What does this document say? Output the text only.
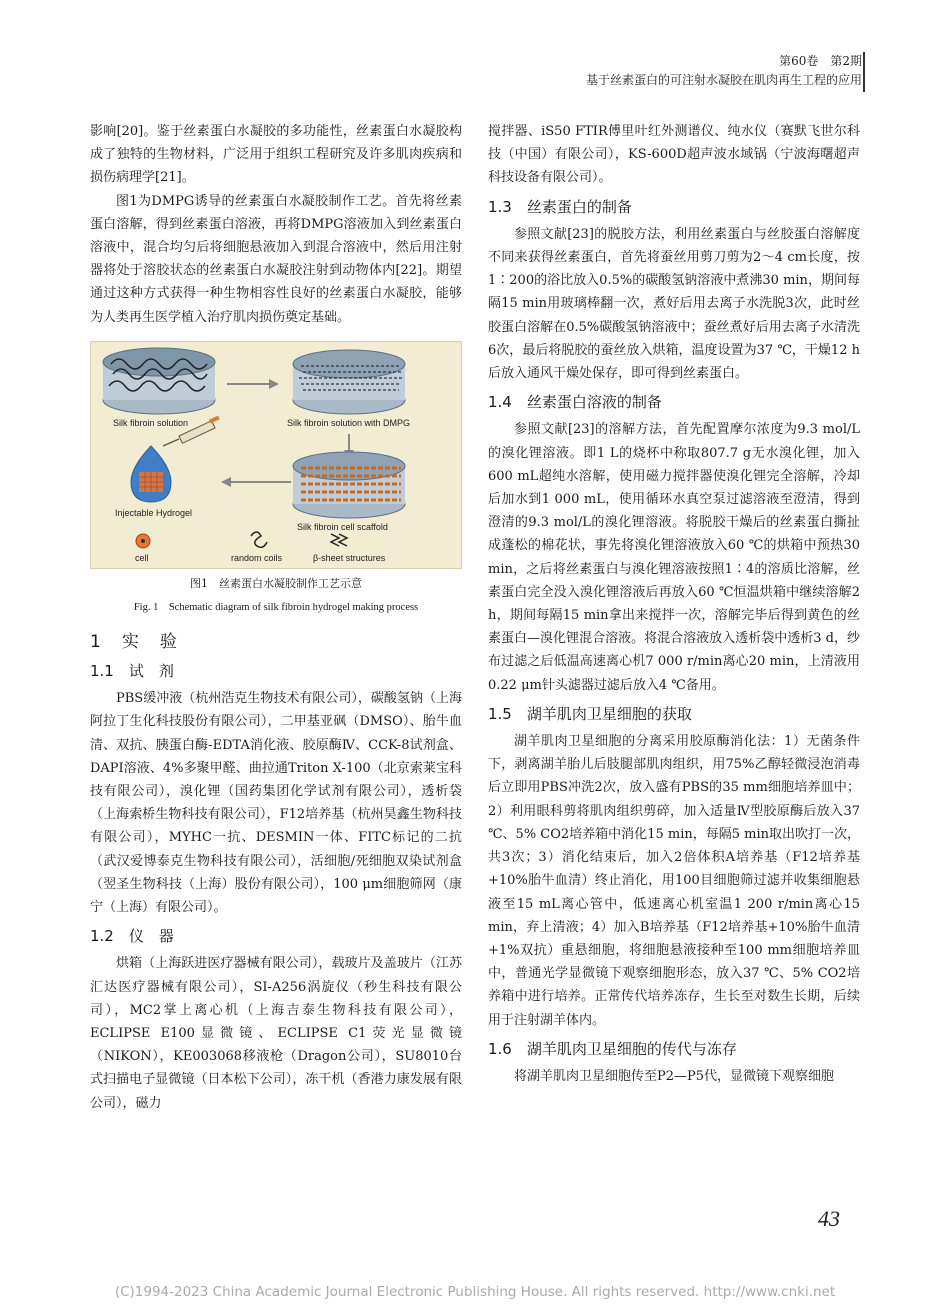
第60卷　第2期
基于丝素蛋白的可注射水凝胶在肌肉再生工程的应用

影响[20]。鉴于丝素蛋白水凝胶的多功能性，丝素蛋白水凝胶构成了独特的生物材料，广泛用于组织工程研究及许多肌肉疾病和损伤病理学[21]。

图1为DMPG诱导的丝素蛋白水凝胶制作工艺。首先将丝素蛋白溶解，得到丝素蛋白溶液，再将DMPG溶液加入到丝素蛋白溶液中，混合均匀后将细胞悬液加入到混合溶液中，然后用注射器将处于溶胶状态的丝素蛋白水凝胶注射到动物体内[22]。期望通过这种方式获得一种生物相容性良好的丝素蛋白水凝胶，能够为人类再生医学植入治疗肌肉损伤奠定基础。

Silk fibroin solution	Silk fibroin solution with DMPG
Injectable Hydrogel
Silk fibroin cell scaffold
cell	random coils	β-sheet structures
图1　丝素蛋白水凝胶制作工艺示意
Fig. 1　Schematic diagram of silk fibroin hydrogel making process
1　实　验
1.1　试　剂

PBS缓冲液（杭州浩克生物技术有限公司），碳酸氢钠（上海阿拉丁生化科技股份有限公司），二甲基亚砜（DMSO）、胎牛血清、双抗、胰蛋白酶-EDTA消化液、胶原酶Ⅳ、CCK-8试剂盒、DAPI溶液、4%多聚甲醛、曲拉通Triton X-100（北京索莱宝科技有限公司），溴化锂（国药集团化学试剂有限公司），透析袋（上海索桥生物科技有限公司），F12培养基（杭州昊鑫生物科技有限公司），MYHC一抗、DESMIN一体、FITC标记的二抗（武汉爱博泰克生物科技有限公司），活细胞/死细胞双染试剂盒（翌圣生物科技（上海）股份有限公司），100 μm细胞筛网（康宁（上海）有限公司）。

1.2　仪　器

烘箱（上海跃进医疗器械有限公司），载玻片及盖玻片（江苏汇达医疗器械有限公司），SI-A256涡旋仪（秒生科技有限公司），MC2掌上离心机（上海吉泰生物科技有限公司），ECLIPSE E100显微镜、ECLIPSE C1荧光显微镜（NIKON），KE003068移液枪（Dragon公司），SU8010台式扫描电子显微镜（日本松下公司），冻干机（香港力康发展有限公司），磁力

搅拌器、iS50 FTIR傅里叶红外测谱仪、纯水仪（赛默飞世尔科技（中国）有限公司），KS-600D超声波水域锅（宁波海曙超声科技设备有限公司）。

1.3　丝素蛋白的制备

参照文献[23]的脱胶方法，利用丝素蛋白与丝胶蛋白溶解度不同来获得丝素蛋白，首先将蚕丝用剪刀剪为2～4 cm长度，按1∶200的浴比放入0.5%的碳酸氢钠溶液中煮沸30 min，期间每隔15 min用玻璃棒翻一次，煮好后用去离子水洗脱3次，此时丝胶蛋白溶解在0.5%碳酸氢钠溶液中；蚕丝煮好后用去离子水清洗6次，最后将脱胶的蚕丝放入烘箱，温度设置为37 ℃，干燥12 h后放入通风干燥处保存，即可得到丝素蛋白。

1.4　丝素蛋白溶液的制备

参照文献[23]的溶解方法，首先配置摩尔浓度为9.3 mol/L的溴化锂溶液。即1 L的烧杯中称取807.7 g无水溴化锂，加入600 mL超纯水溶解，使用磁力搅拌器使溴化锂完全溶解，冷却后加水到1 000 mL，使用循环水真空泵过滤溶液至澄清，得到澄清的9.3 mol/L的溴化锂溶液。将脱胶干燥后的丝素蛋白撕扯成蓬松的棉花状，事先将溴化锂溶液放入60 ℃的烘箱中预热30 min，之后将丝素蛋白与溴化锂溶液按照1∶4的溶质比溶解，丝素蛋白完全没入溴化锂溶液后再放入60 ℃恒温烘箱中继续溶解2 h，期间每隔15 min拿出来搅拌一次，溶解完毕后得到黄色的丝素蛋白—溴化锂混合溶液。将混合溶液放入透析袋中透析3 d，纱布过滤之后低温高速离心机7 000 r/min离心20 min，上清液用0.22 μm针头滤器过滤后放入4 ℃备用。

1.5　湖羊肌肉卫星细胞的获取

湖羊肌肉卫星细胞的分离采用胶原酶消化法：1）无菌条件下，剥离湖羊胎儿后肢腿部肌肉组织，用75%乙醇轻微浸泡消毒后立即用PBS冲洗2次，放入盛有PBS的35 mm细胞培养皿中；2）利用眼科剪将肌肉组织剪碎，加入适量Ⅳ型胶原酶后放入37 ℃、5% CO2培养箱中消化15 min，每隔5 min取出吹打一次，共3次；3）消化结束后，加入2倍体积A培养基（F12培养基+10%胎牛血清）终止消化，用100目细胞筛过滤并收集细胞悬液至15 mL离心管中，低速离心机室温1 200 r/min离心15 min，弃上清液；4）加入B培养基（F12培养基+10%胎牛血清+1%双抗）重悬细胞，将细胞悬液接种至100 mm细胞培养皿中，普通光学显微镜下观察细胞形态，放入37 ℃、5% CO2培养箱中进行培养。正常传代培养冻存，生长至对数生长期，后续用于注射湖羊体内。

1.6　湖羊肌肉卫星细胞的传代与冻存

将湖羊肌肉卫星细胞传至P2—P5代，显微镜下观察细胞

43
(C)1994-2023 China Academic Journal Electronic Publishing House. All rights reserved. http://www.cnki.net
